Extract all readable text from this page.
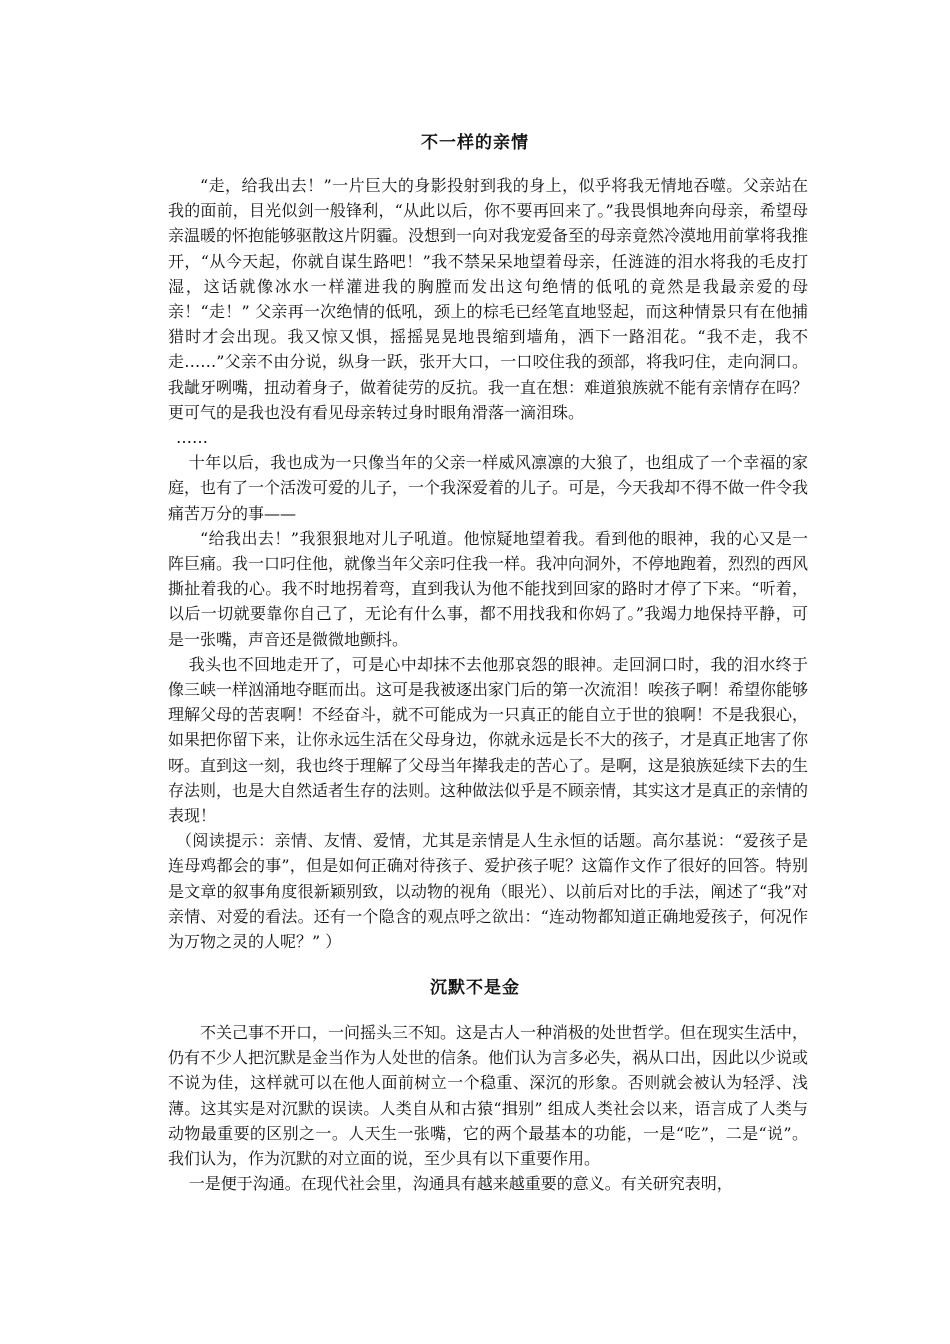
不一样的亲情

“走，给我出去！”一片巨大的身影投射到我的身上，似乎将我无情地吞噬。父亲站在我的面前，目光似剑一般锋利，“从此以后，你不要再回来了。”我畏惧地奔向母亲，希望母亲温暖的怀抱能够驱散这片阴霾。没想到一向对我宠爱备至的母亲竟然冷漠地用前掌将我推开，“从今天起，你就自谋生路吧！”我不禁呆呆地望着母亲，任涟涟的泪水将我的毛皮打湿，这话就像冰水一样灌进我的胸膛而发出这句绝情的低吼的竟然是我最亲爱的母亲！“走！” 父亲再一次绝情的低吼，颈上的棕毛已经笔直地竖起，而这种情景只有在他捕猎时才会出现。我又惊又惧，摇摇晃晃地畏缩到墙角，洒下一路泪花。“我不走，我不走……”父亲不由分说，纵身一跃，张开大口，一口咬住我的颈部，将我叼住，走向洞口。我龇牙咧嘴，扭动着身子，做着徒劳的反抗。我一直在想：难道狼族就不能有亲情存在吗？更可气的是我也没有看见母亲转过身时眼角滑落一滴泪珠。

……

十年以后，我也成为一只像当年的父亲一样威风凛凛的大狼了，也组成了一个幸福的家庭，也有了一个活泼可爱的儿子，一个我深爱着的儿子。可是，今天我却不得不做一件令我痛苦万分的事——

“给我出去！”我狠狠地对儿子吼道。他惊疑地望着我。看到他的眼神，我的心又是一阵巨痛。我一口叼住他，就像当年父亲叼住我一样。我冲向洞外，不停地跑着，烈烈的西风撕扯着我的心。我不时地拐着弯，直到我认为他不能找到回家的路时才停了下来。“听着，以后一切就要靠你自己了，无论有什么事，都不用找我和你妈了。”我竭力地保持平静，可是一张嘴，声音还是微微地颤抖。

我头也不回地走开了，可是心中却抹不去他那哀怨的眼神。走回洞口时，我的泪水终于像三峡一样汹涌地夺眶而出。这可是我被逐出家门后的第一次流泪！唉孩子啊！希望你能够理解父母的苦衷啊！不经奋斗，就不可能成为一只真正的能自立于世的狼啊！不是我狠心，如果把你留下来，让你永远生活在父母身边，你就永远是长不大的孩子，才是真正地害了你呀。直到这一刻，我也终于理解了父母当年撵我走的苦心了。是啊，这是狼族延续下去的生存法则，也是大自然适者生存的法则。这种做法似乎是不顾亲情，其实这才是真正的亲情的表现！

（阅读提示：亲情、友情、爱情，尤其是亲情是人生永恒的话题。高尔基说：“爱孩子是连母鸡都会的事”，但是如何正确对待孩子、爱护孩子呢？这篇作文作了很好的回答。特别是文章的叙事角度很新颖别致，以动物的视角（眼光）、以前后对比的手法，阐述了“我”对亲情、对爱的看法。还有一个隐含的观点呼之欲出：“连动物都知道正确地爱孩子，何况作为万物之灵的人呢？” ）

沉默不是金

不关己事不开口，一问摇头三不知。这是古人一种消极的处世哲学。但在现实生活中，仍有不少人把沉默是金当作为人处世的信条。他们认为言多必失，祸从口出，因此以少说或不说为佳，这样就可以在他人面前树立一个稳重、深沉的形象。否则就会被认为轻浮、浅薄。这其实是对沉默的误读。人类自从和古猿“揖别” 组成人类社会以来，语言成了人类与动物最重要的区别之一。人天生一张嘴，它的两个最基本的功能，一是“吃”，二是“说”。我们认为，作为沉默的对立面的说，至少具有以下重要作用。

一是便于沟通。在现代社会里，沟通具有越来越重要的意义。有关研究表明，
